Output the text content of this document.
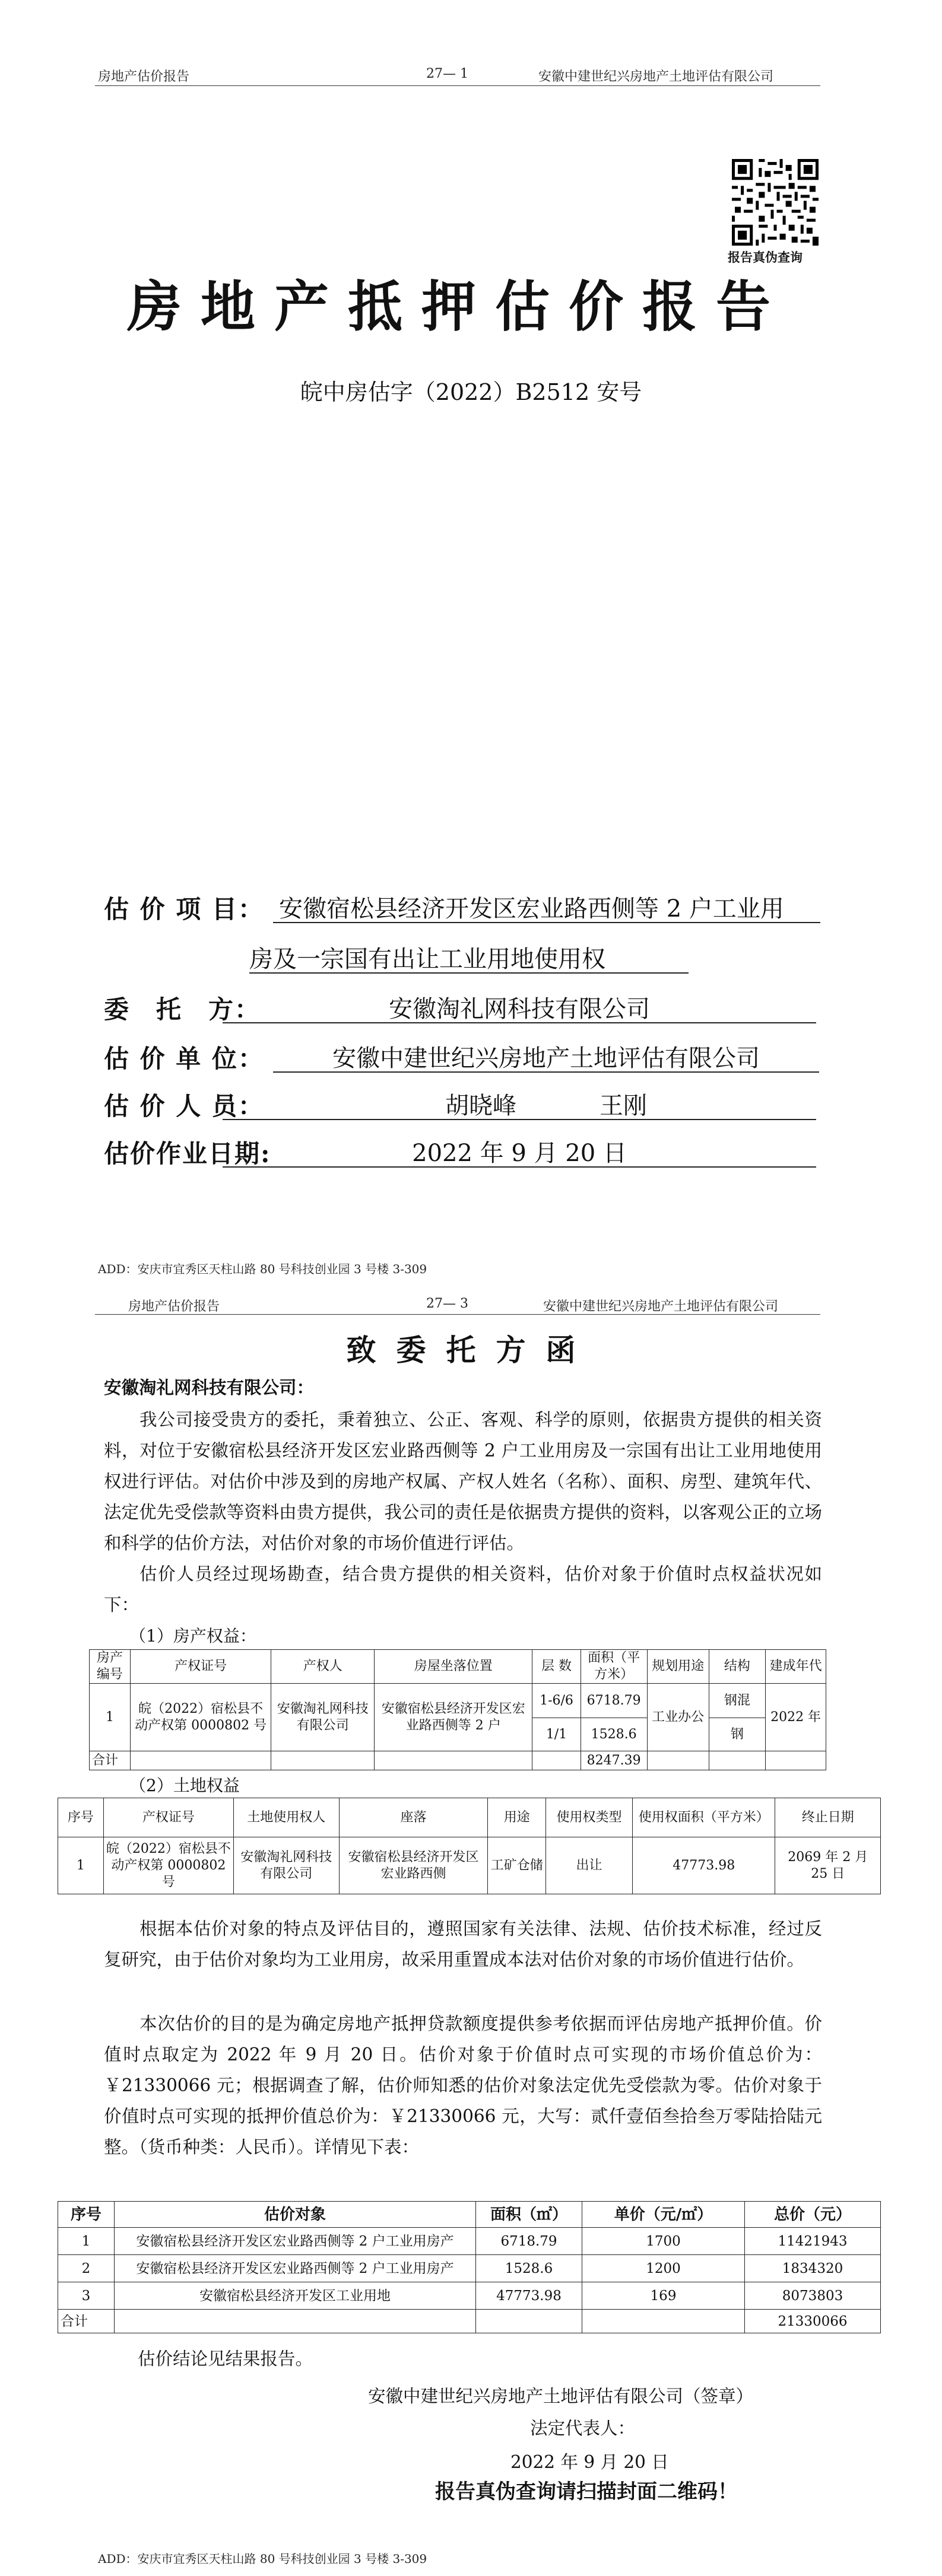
房地产估价报告	27— 1	安徽中建世纪兴房地产土地评估有限公司
报告真伪查询
房地产抵押估价报告
皖中房估字（2022）B2512 安号
估 价 项 目： 安徽宿松县经济开发区宏业路西侧等 2 户工业用
房及一宗国有出让工业用地使用权
委　托　方：	安徽淘礼网科技有限公司
估 价 单 位：	安徽中建世纪兴房地产土地评估有限公司
估 价 人 员：	胡晓峰	王刚
估价作业日期:	2022 年 9 月 20 日
ADD：安庆市宜秀区天柱山路 80 号科技创业园 3 号楼 3-309
房地产估价报告	27— 3	安徽中建世纪兴房地产土地评估有限公司
致委托方函
安徽淘礼网科技有限公司：
我公司接受贵方的委托，秉着独立、公正、客观、科学的原则，依据贵方提供的相关资料，对位于安徽宿松县经济开发区宏业路西侧等 2 户工业用房及一宗国有出让工业用地使用权进行评估。对估价中涉及到的房地产权属、产权人姓名（名称）、面积、房型、建筑年代、法定优先受偿款等资料由贵方提供，我公司的责任是依据贵方提供的资料，以客观公正的立场和科学的估价方法，对估价对象的市场价值进行评估。
估价人员经过现场勘查，结合贵方提供的相关资料，估价对象于价值时点权益状况如下：
（1）房产权益：
房产编号	产权证号	产权人	房屋坐落位置	层 数	面积（平方米）	规划用途	结构	建成年代
1	皖（2022）宿松县不动产权第 0000802 号	安徽淘礼网科技有限公司	安徽宿松县经济开发区宏业路西侧等 2 户	1-6/6	6718.79	工业办公	钢混	2022 年
				1/1	1528.6		钢	
合计					8247.39			
（2）土地权益
序号	产权证号	土地使用权人	座落	用途	使用权类型	使用权面积（平方米）	终止日期
1	皖（2022）宿松县不动产权第 0000802 号	安徽淘礼网科技有限公司	安徽宿松县经济开发区宏业路西侧	工矿仓储	出让	47773.98	2069 年 2 月 25 日
根据本估价对象的特点及评估目的，遵照国家有关法律、法规、估价技术标准，经过反复研究，由于估价对象均为工业用房，故采用重置成本法对估价对象的市场价值进行估价。
本次估价的目的是为确定房地产抵押贷款额度提供参考依据而评估房地产抵押价值。价值时点取定为 2022 年 9 月 20 日。估价对象于价值时点可实现的市场价值总价为：￥21330066 元；根据调查了解，估价师知悉的估价对象法定优先受偿款为零。估价对象于价值时点可实现的抵押价值总价为：￥21330066 元，大写：贰仟壹佰叁拾叁万零陆拾陆元整。（货币种类：人民币）。详情见下表：
序号	估价对象	面积（㎡）	单价（元/㎡）	总价（元）
1	安徽宿松县经济开发区宏业路西侧等 2 户工业用房产	6718.79	1700	11421943
2	安徽宿松县经济开发区宏业路西侧等 2 户工业用房产	1528.6	1200	1834320
3	安徽宿松县经济开发区工业用地	47773.98	169	8073803
合计				21330066
估价结论见结果报告。
安徽中建世纪兴房地产土地评估有限公司（签章）
法定代表人：
2022 年 9 月 20 日
报告真伪查询请扫描封面二维码！
ADD：安庆市宜秀区天柱山路 80 号科技创业园 3 号楼 3-309
